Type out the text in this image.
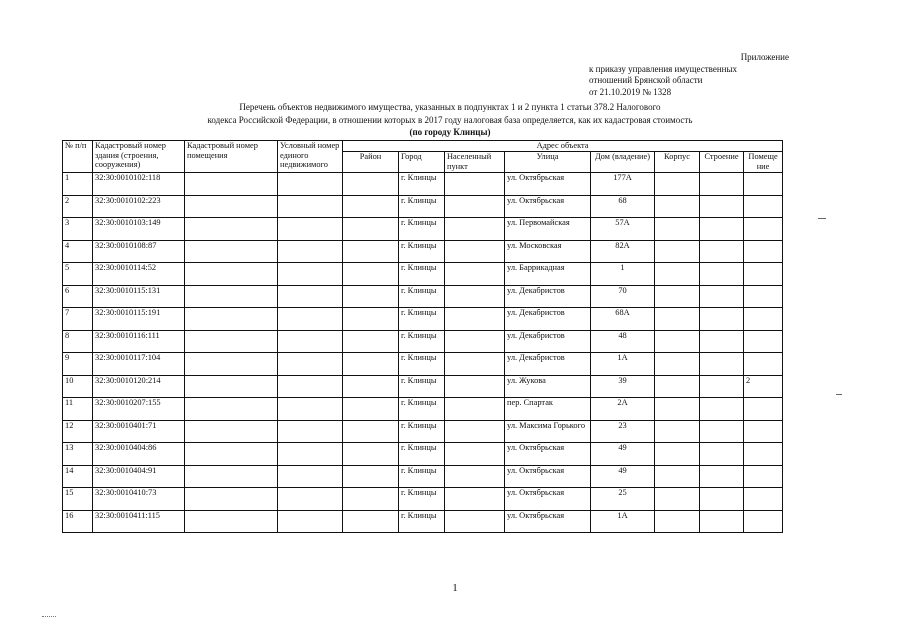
Приложение
к приказу управления имущественных
отношений Брянской области
от 21.10.2019 № 1328
Перечень объектов недвижимого имущества, указанных в подпунктах 1 и 2 пункта 1 статьи 378.2 Налогового
кодекса Российской Федерации, в отношении которых в 2017 году налоговая база определяется, как их кадастровая стоимость
(по городу Клинцы)
№ п/п	Кадастровый номер здания (строения, сооружения)	Кадастровый номер помещения	Условный номер единого недвижимого	Адрес объекта							
				Район	Город	Населенный пункт	Улица	Дом (владение)	Корпус	Строение	Помеще ние
1	32:30:0010102:118				г. Клинцы		ул. Октябрьская	177А			
2	32:30:0010102:223				г. Клинцы		ул. Октябрьская	68			
3	32:30:0010103:149				г. Клинцы		ул. Первомайская	57А			
4	32:30:0010108:87				г. Клинцы		ул. Московская	82А			
5	32:30:0010114:52				г. Клинцы		ул. Баррикадная	1			
6	32:30:0010115:131				г. Клинцы		ул. Декабристов	70			
7	32:30:0010115:191				г. Клинцы		ул. Декабристов	68А			
8	32:30:0010116:111				г. Клинцы		ул. Декабристов	48			
9	32:30:0010117:104				г. Клинцы		ул. Декабристов	1А			
10	32:30:0010120:214				г. Клинцы		ул. Жукова	39			2
11	32:30:0010207:155				г. Клинцы		пер. Спартак	2А			
12	32:30:0010401:71				г. Клинцы		ул. Максима Горького	23			
13	32:30:0010404:86				г. Клинцы		ул. Октябрьская	49			
14	32:30:0010404:91				г. Клинцы		ул. Октябрьская	49			
15	32:30:0010410:73				г. Клинцы		ул. Октябрьская	25			
16	32:30:0010411:115				г. Клинцы		ул. Октябрьская	1А			
1
